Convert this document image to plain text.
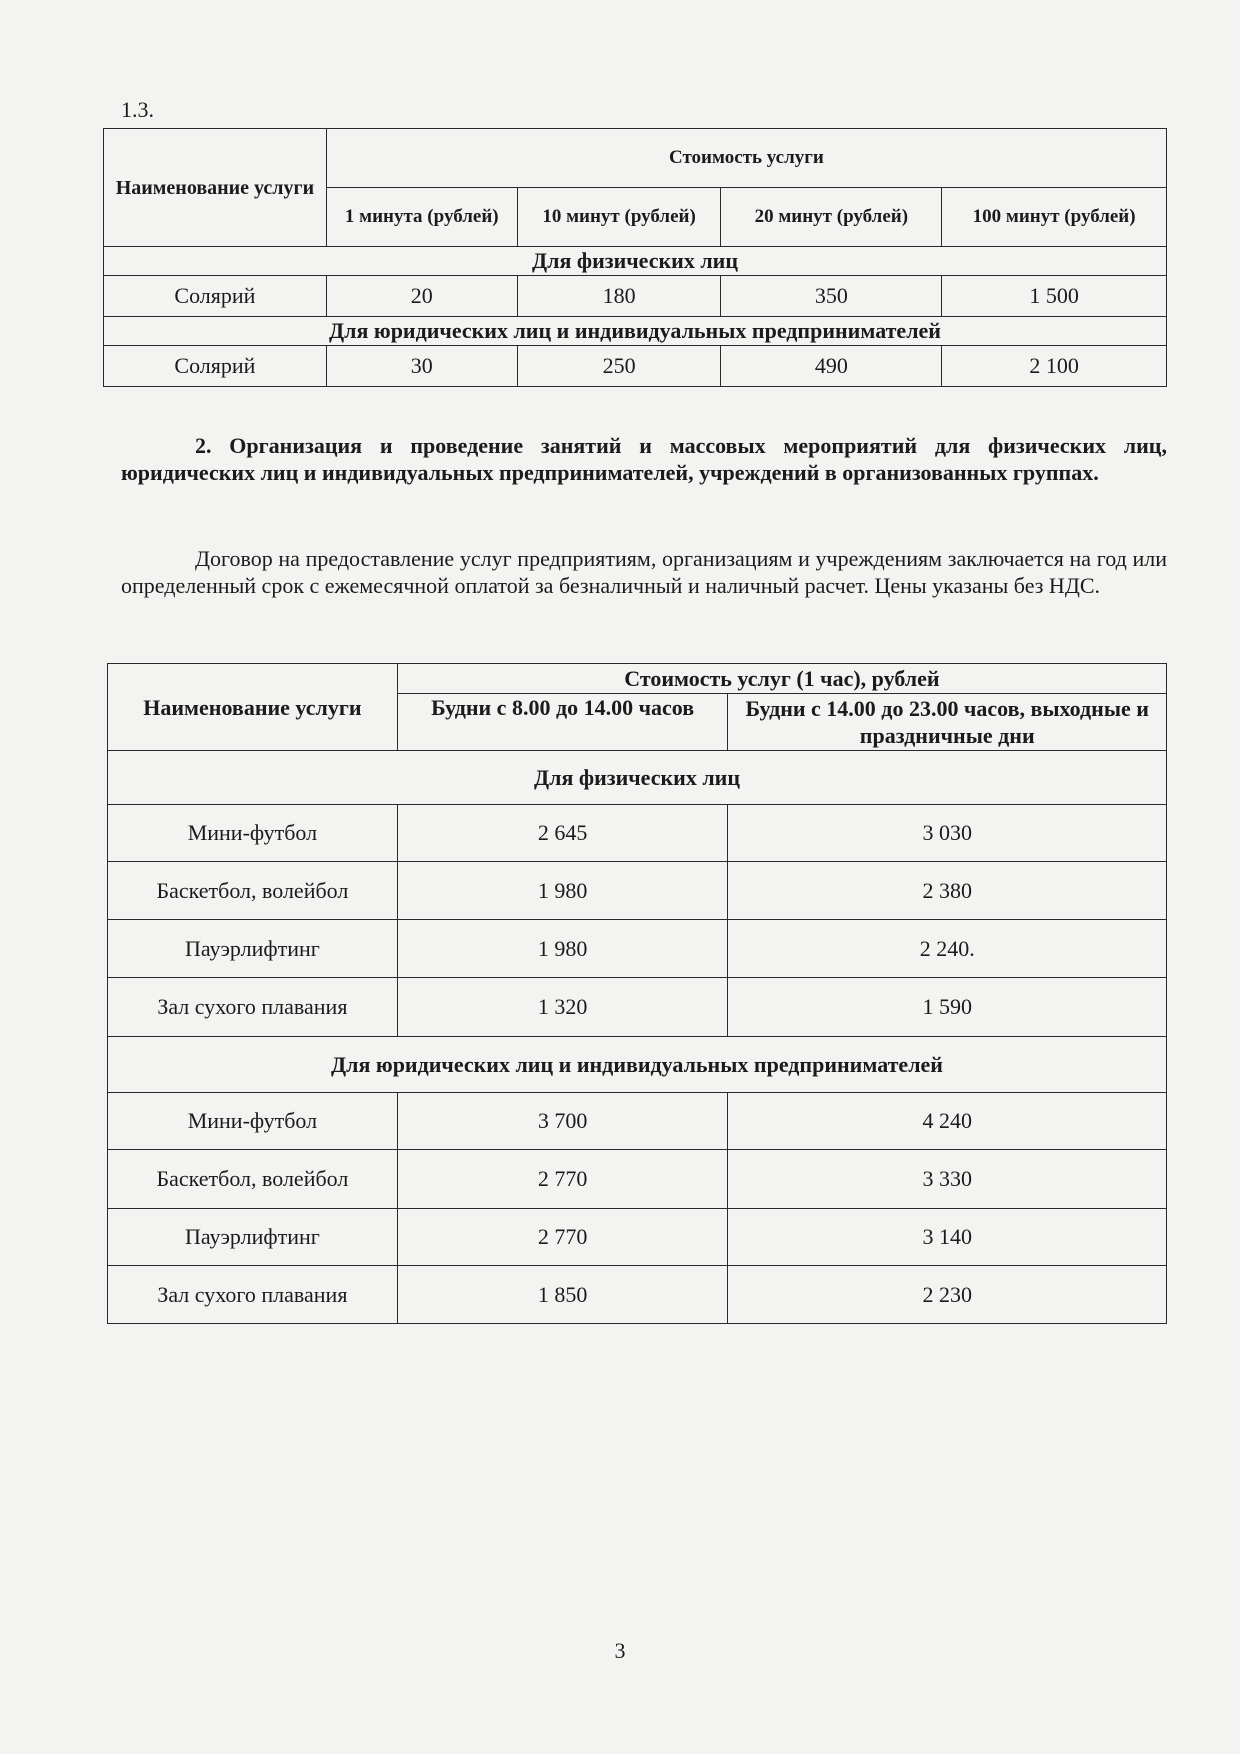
1.3.
Наименование услуги	Стоимость услуги			
	1 минута (рублей)	10 минут (рублей)	20 минут (рублей)	100 минут (рублей)
Для физических лиц				
Солярий	20	180	350	1 500
Для юридических лиц и индивидуальных предпринимателей				
Солярий	30	250	490	2 100
2. Организация и проведение занятий и массовых мероприятий для физических лиц, юридических лиц и индивидуальных предпринимателей, учреждений в организованных группах.
Договор на предоставление услуг предприятиям, организациям и учреждениям заключается на год или определенный срок с ежемесячной оплатой за безналичный и наличный расчет. Цены указаны без НДС.
Наименование услуги	Стоимость услуг (1 час), рублей	
	Будни с 8.00 до 14.00 часов	Будни с 14.00 до 23.00 часов, выходные и праздничные дни
Для физических лиц		
Мини-футбол	2 645	3 030
Баскетбол, волейбол	1 980	2 380
Пауэрлифтинг	1 980	2 240.
Зал сухого плавания	1 320	1 590
Для юридических лиц и индивидуальных предпринимателей		
Мини-футбол	3 700	4 240
Баскетбол, волейбол	2 770	3 330
Пауэрлифтинг	2 770	3 140
Зал сухого плавания	1 850	2 230
3
